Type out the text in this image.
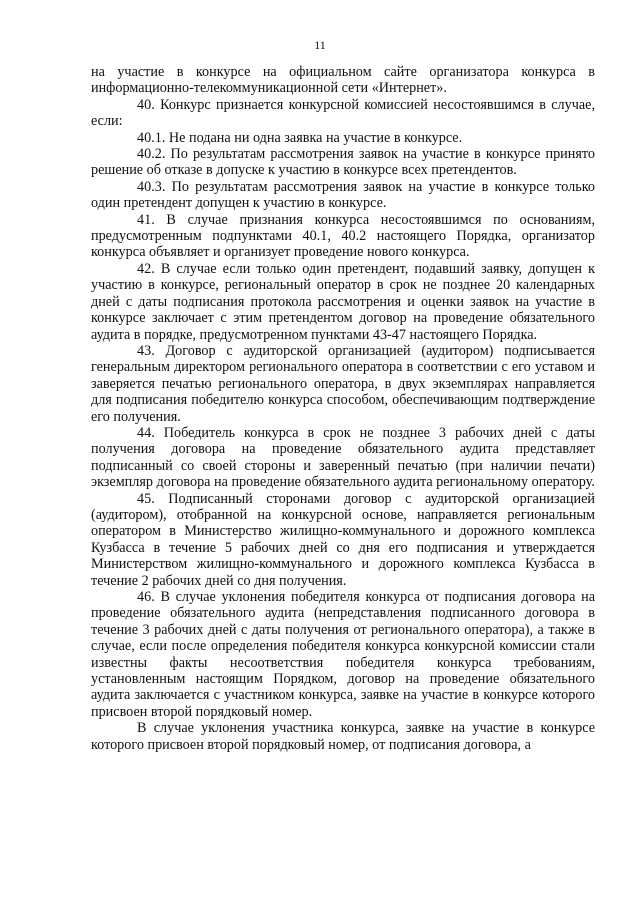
11

на участие в конкурсе на официальном сайте организатора конкурса в информационно-телекоммуникационной сети «Интернет».

40. Конкурс признается конкурсной комиссией несостоявшимся в случае, если:

40.1. Не подана ни одна заявка на участие в конкурсе.

40.2. По результатам рассмотрения заявок на участие в конкурсе принято решение об отказе в допуске к участию в конкурсе всех претендентов.

40.3. По результатам рассмотрения заявок на участие в конкурсе только один претендент допущен к участию в конкурсе.

41. В случае признания конкурса несостоявшимся по основаниям, предусмотренным подпунктами 40.1, 40.2 настоящего Порядка, организатор конкурса объявляет и организует проведение нового конкурса.

42. В случае если только один претендент, подавший заявку, допущен к участию в конкурсе, региональный оператор в срок не позднее 20 календарных дней с даты подписания протокола рассмотрения и оценки заявок на участие в конкурсе заключает с этим претендентом договор на проведение обязательного аудита в порядке, предусмотренном пунктами 43-47 настоящего Порядка.

43. Договор с аудиторской организацией (аудитором) подписывается генеральным директором регионального оператора в соответствии с его уставом и заверяется печатью регионального оператора, в двух экземплярах направляется для подписания победителю конкурса способом, обеспечивающим подтверждение его получения.

44. Победитель конкурса в срок не позднее 3 рабочих дней с даты получения договора на проведение обязательного аудита представляет подписанный со своей стороны и заверенный печатью (при наличии печати) экземпляр договора на проведение обязательного аудита региональному оператору.

45. Подписанный сторонами договор с аудиторской организацией (аудитором), отобранной на конкурсной основе, направляется региональным оператором в Министерство жилищно-коммунального и дорожного комплекса Кузбасса в течение 5 рабочих дней со дня его подписания и утверждается Министерством жилищно-коммунального и дорожного комплекса Кузбасса в течение 2 рабочих дней со дня получения.

46. В случае уклонения победителя конкурса от подписания договора на проведение обязательного аудита (непредставления подписанного договора в течение 3 рабочих дней с даты получения от регионального оператора), а также в случае, если после определения победителя конкурса конкурсной комиссии стали известны факты несоответствия победителя конкурса требованиям, установленным настоящим Порядком, договор на проведение обязательного аудита заключается с участником конкурса, заявке на участие в конкурсе которого присвоен второй порядковый номер.

В случае уклонения участника конкурса, заявке на участие в конкурсе которого присвоен второй порядковый номер, от подписания договора, а
